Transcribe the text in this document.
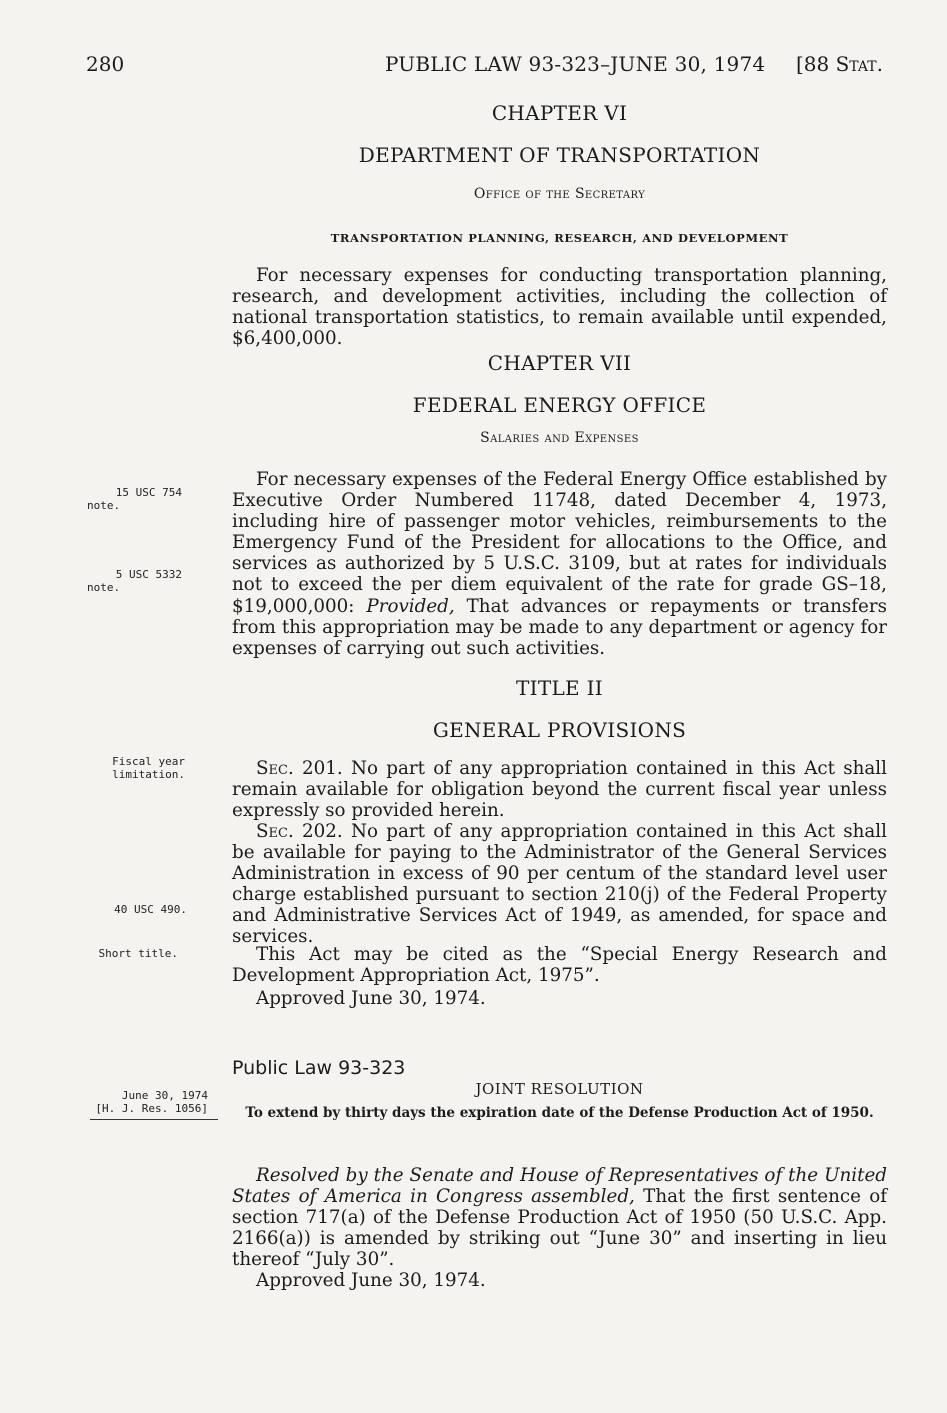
280	PUBLIC LAW 93-323–JUNE 30, 1974 [88 Stat.
CHAPTER VI
DEPARTMENT OF TRANSPORTATION
Office of the Secretary
TRANSPORTATION PLANNING, RESEARCH, AND DEVELOPMENT
For necessary expenses for conducting transportation planning, research, and development activities, including the collection of national transportation statistics, to remain available until expended, $6,400,000.
CHAPTER VII
FEDERAL ENERGY OFFICE
Salaries and Expenses
For necessary expenses of the Federal Energy Office established by Executive Order Numbered 11748, dated December 4, 1973, including hire of passenger motor vehicles, reimbursements to the Emergency Fund of the President for allocations to the Office, and services as authorized by 5 U.S.C. 3109, but at rates for individuals not to exceed the per diem equivalent of the rate for grade GS–18, $19,000,000: Provided, That advances or repayments or transfers from this appropriation may be made to any department or agency for expenses of carrying out such activities.
TITLE II
GENERAL PROVISIONS
Sec. 201. No part of any appropriation contained in this Act shall remain available for obligation beyond the current fiscal year unless expressly so provided herein.
Sec. 202. No part of any appropriation contained in this Act shall be available for paying to the Administrator of the General Services Administration in excess of 90 per centum of the standard level user charge established pursuant to section 210(j) of the Federal Property and Administrative Services Act of 1949, as amended, for space and services.
This Act may be cited as the “Special Energy Research and Development Appropriation Act, 1975”.
Approved June 30, 1974.
15 USC 754
note.
5 USC 5332
note.
Fiscal year
limitation.
40 USC 490.
Short title.
June 30, 1974
[H. J. Res. 1056]
Public Law 93-323
JOINT RESOLUTION
To extend by thirty days the expiration date of the Defense Production Act of 1950.
Resolved by the Senate and House of Representatives of the United States of America in Congress assembled, That the first sentence of section 717(a) of the Defense Production Act of 1950 (50 U.S.C. App. 2166(a)) is amended by striking out “June 30” and inserting in lieu thereof “July 30”.
Approved June 30, 1974.
